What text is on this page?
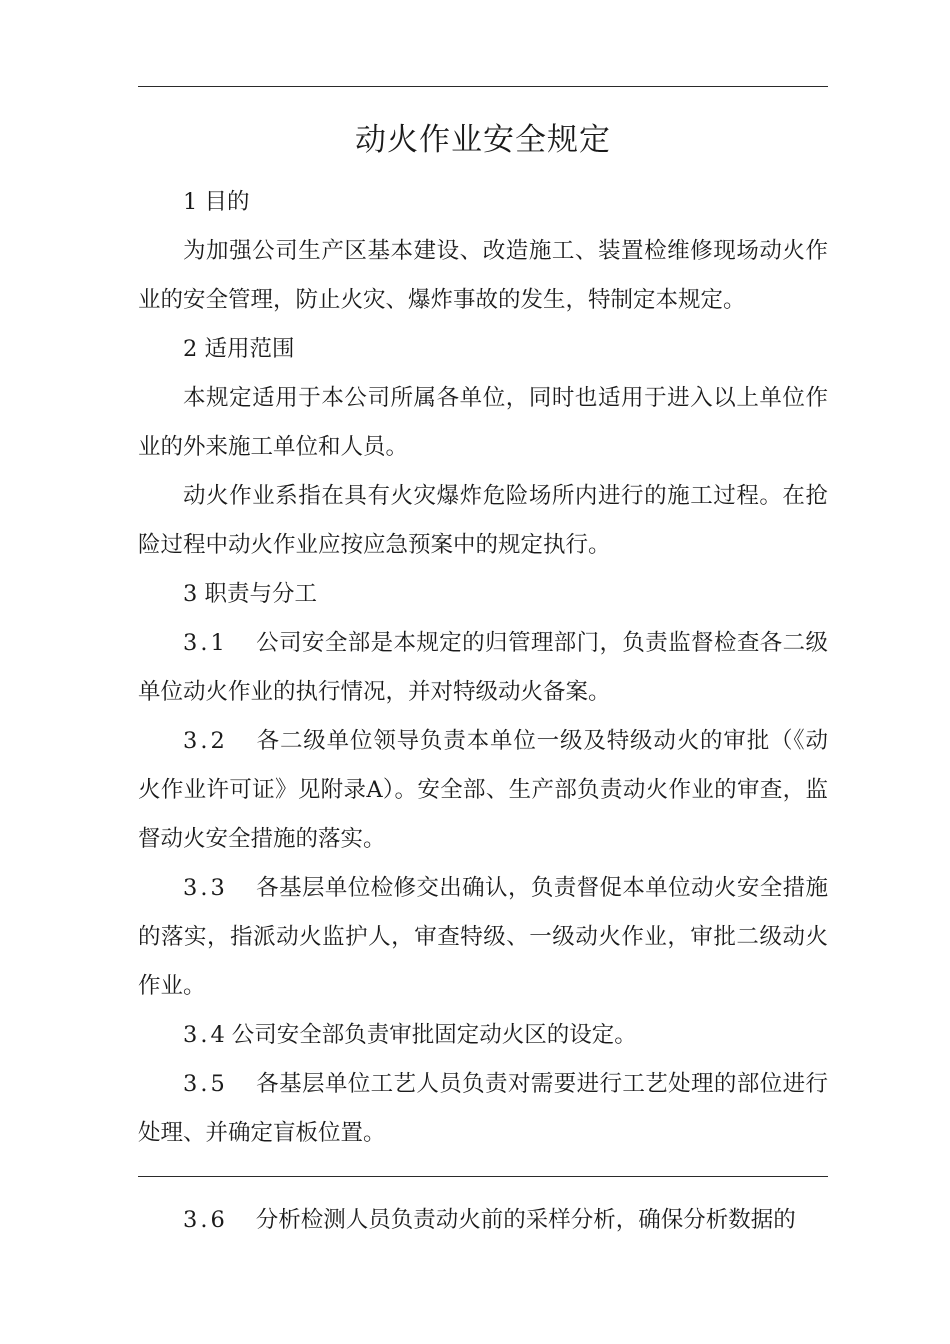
动火作业安全规定

1 目的

为加强公司生产区基本建设、改造施工、装置检维修现场动火作业的安全管理，防止火灾、爆炸事故的发生，特制定本规定。

2 适用范围

本规定适用于本公司所属各单位，同时也适用于进入以上单位作业的外来施工单位和人员。

动火作业系指在具有火灾爆炸危险场所内进行的施工过程。在抢险过程中动火作业应按应急预案中的规定执行。

3 职责与分工

3.1 公司安全部是本规定的归管理部门，负责监督检查各二级单位动火作业的执行情况，并对特级动火备案。

3.2 各二级单位领导负责本单位一级及特级动火的审批（《动火作业许可证》见附录A）。安全部、生产部负责动火作业的审查，监督动火安全措施的落实。

3.3 各基层单位检修交出确认，负责督促本单位动火安全措施的落实，指派动火监护人，审查特级、一级动火作业，审批二级动火作业。

3.4 公司安全部负责审批固定动火区的设定。

3.5 各基层单位工艺人员负责对需要进行工艺处理的部位进行处理、并确定盲板位置。

3.6 分析检测人员负责动火前的采样分析，确保分析数据的
